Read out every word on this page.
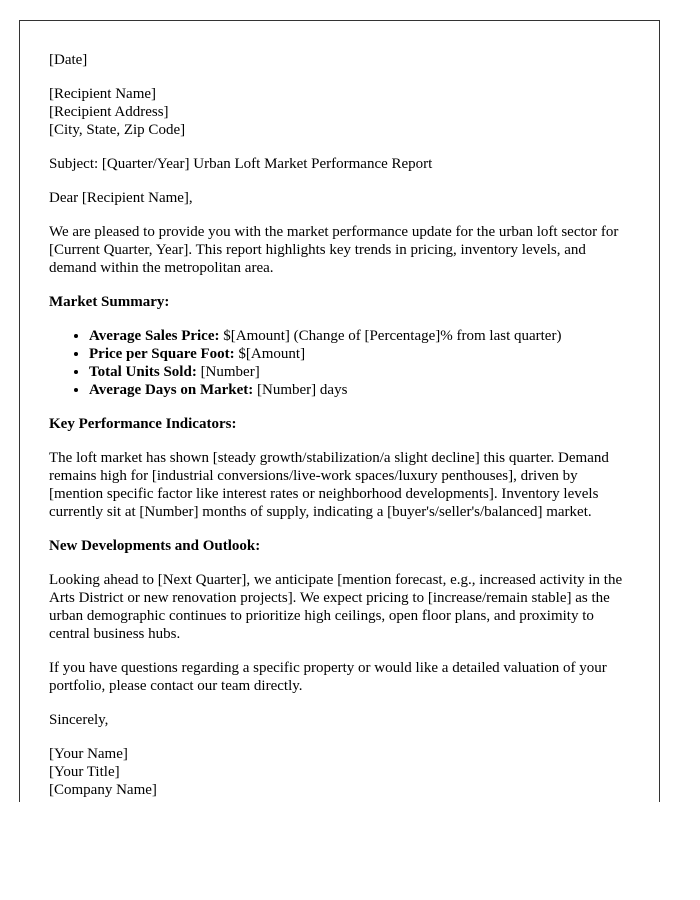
[Date]

[Recipient Name]
[Recipient Address]
[City, State, Zip Code]

Subject: [Quarter/Year] Urban Loft Market Performance Report

Dear [Recipient Name],

We are pleased to provide you with the market performance update for the urban loft sector for [Current Quarter, Year]. This report highlights key trends in pricing, inventory levels, and demand within the metropolitan area.

Market Summary:
• Average Sales Price: $[Amount] (Change of [Percentage]% from last quarter)
• Price per Square Foot: $[Amount]
• Total Units Sold: [Number]
• Average Days on Market: [Number] days
Key Performance Indicators:

The loft market has shown [steady growth/stabilization/a slight decline] this quarter. Demand remains high for [industrial conversions/live-work spaces/luxury penthouses], driven by [mention specific factor like interest rates or neighborhood developments]. Inventory levels currently sit at [Number] months of supply, indicating a [buyer's/seller's/balanced] market.

New Developments and Outlook:

Looking ahead to [Next Quarter], we anticipate [mention forecast, e.g., increased activity in the Arts District or new renovation projects]. We expect pricing to [increase/remain stable] as the urban demographic continues to prioritize high ceilings, open floor plans, and proximity to central business hubs.

If you have questions regarding a specific property or would like a detailed valuation of your portfolio, please contact our team directly.

Sincerely,

[Your Name]
[Your Title]
[Company Name]
